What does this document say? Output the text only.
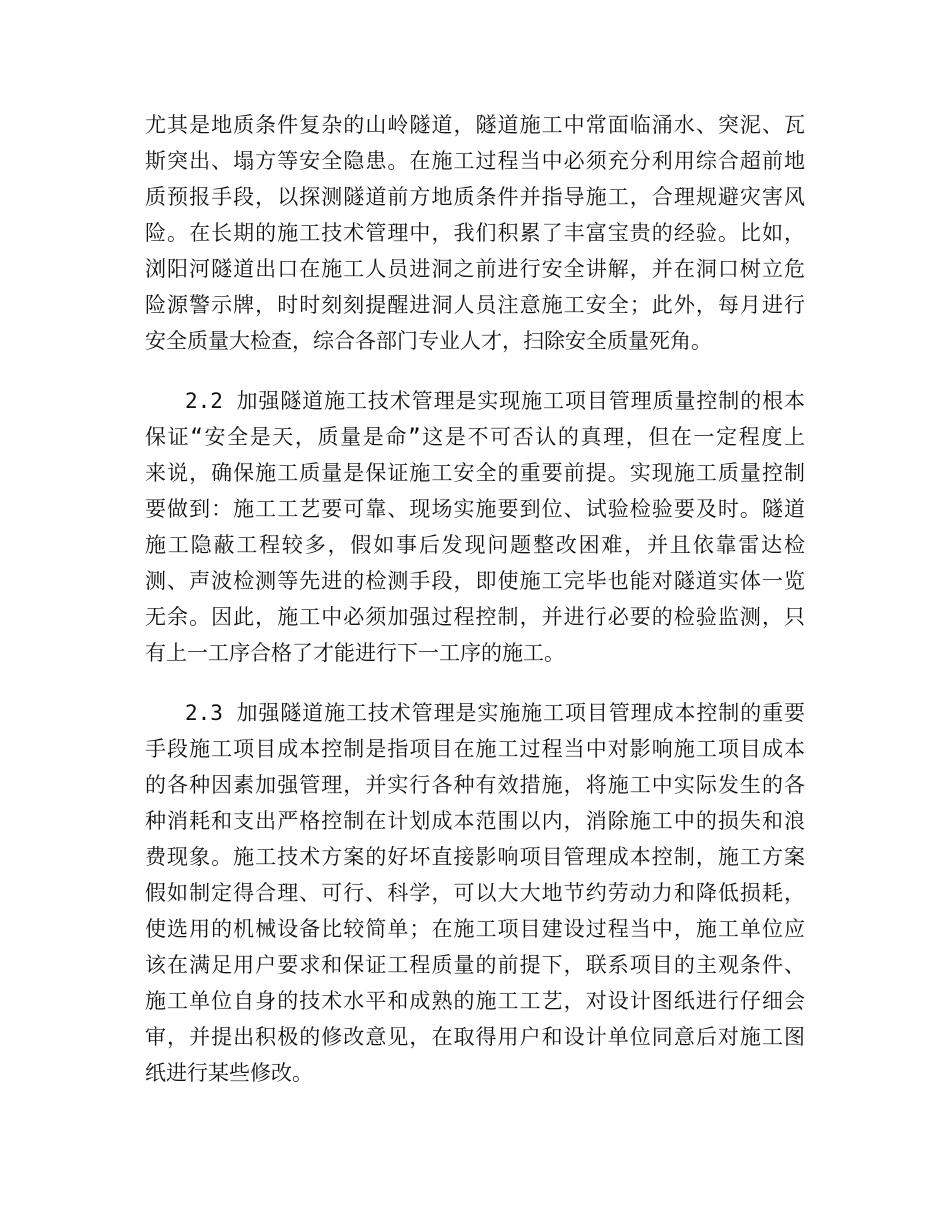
尤其是地质条件复杂的山岭隧道，隧道施工中常面临涌水、突泥、瓦
斯突出、塌方等安全隐患。在施工过程当中必须充分利用综合超前地
质预报手段，以探测隧道前方地质条件并指导施工，合理规避灾害风
险。在长期的施工技术管理中，我们积累了丰富宝贵的经验。比如，
浏阳河隧道出口在施工人员进洞之前进行安全讲解，并在洞口树立危
险源警示牌，时时刻刻提醒进洞人员注意施工安全；此外，每月进行
安全质量大检查，综合各部门专业人才，扫除安全质量死角。
2.2 加强隧道施工技术管理是实现施工项目管理质量控制的根本
保证“安全是天，质量是命”这是不可否认的真理，但在一定程度上
来说，确保施工质量是保证施工安全的重要前提。实现施工质量控制
要做到：施工工艺要可靠、现场实施要到位、试验检验要及时。隧道
施工隐蔽工程较多，假如事后发现问题整改困难，并且依靠雷达检
测、声波检测等先进的检测手段，即使施工完毕也能对隧道实体一览
无余。因此，施工中必须加强过程控制，并进行必要的检验监测，只
有上一工序合格了才能进行下一工序的施工。
2.3 加强隧道施工技术管理是实施施工项目管理成本控制的重要
手段施工项目成本控制是指项目在施工过程当中对影响施工项目成本
的各种因素加强管理，并实行各种有效措施，将施工中实际发生的各
种消耗和支出严格控制在计划成本范围以内，消除施工中的损失和浪
费现象。施工技术方案的好坏直接影响项目管理成本控制，施工方案
假如制定得合理、可行、科学，可以大大地节约劳动力和降低损耗，
使选用的机械设备比较简单；在施工项目建设过程当中，施工单位应
该在满足用户要求和保证工程质量的前提下，联系项目的主观条件、
施工单位自身的技术水平和成熟的施工工艺，对设计图纸进行仔细会
审，并提出积极的修改意见，在取得用户和设计单位同意后对施工图
纸进行某些修改。
